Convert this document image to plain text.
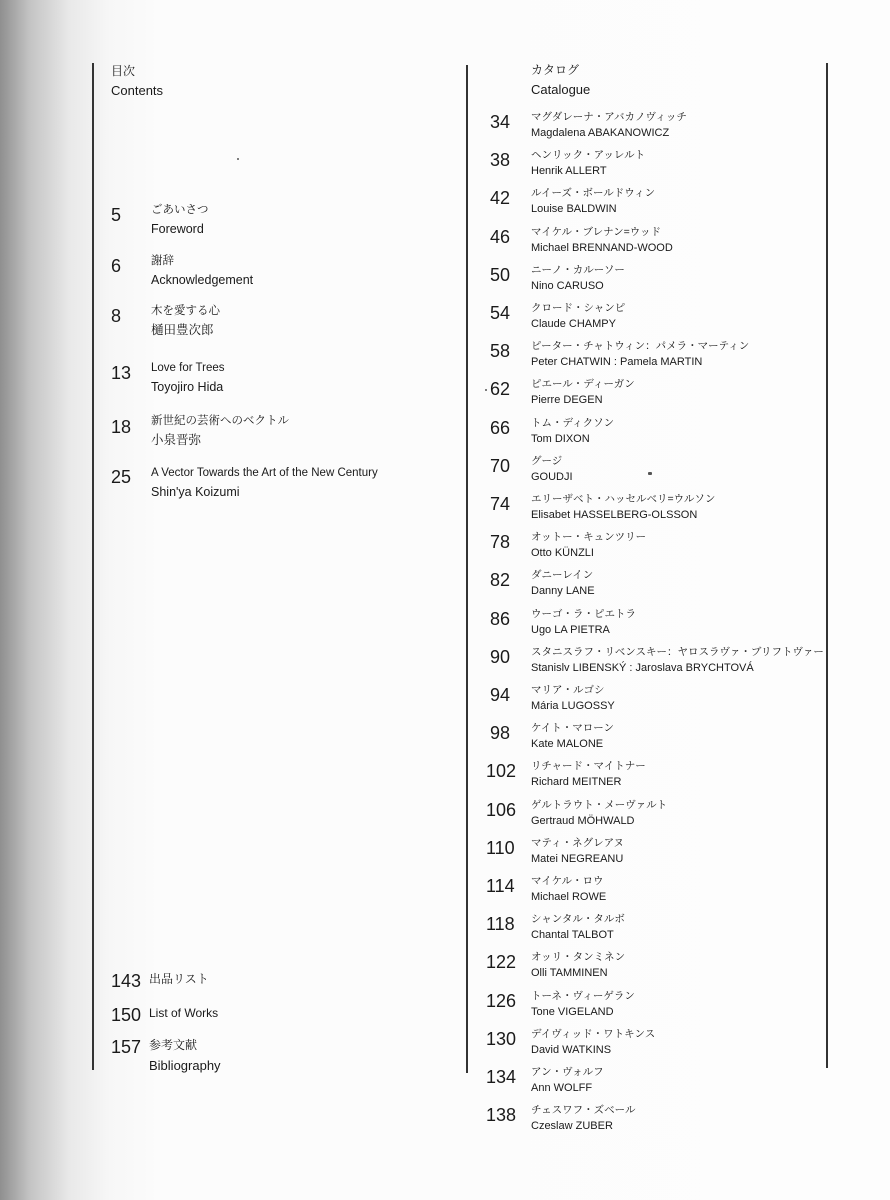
目次
Contents
5	ごあいさつ
Foreword
6	謝辞
Acknowledgement
8	木を愛する心
樋田豊次郎
13 Love for Trees
Toyojiro Hida
18 新世紀の芸術へのベクトル
小泉晋弥
25 A Vector Towards the Art of the New Century
Shin'ya Koizumi
143 出品リスト
150 List of Works
157 参考文献
Bibliography
カタログ
Catalogue
34 マグダレーナ・アバカノヴィッチ
Magdalena ABAKANOWICZ
38 ヘンリック・アッレルト
Henrik ALLERT
42 ルイーズ・ボールドウィン
Louise BALDWIN
46 マイケル・ブレナン=ウッド
Michael BRENNAND-WOOD
50 ニーノ・カルーソー
Nino CARUSO
54 クロード・シャンピ
Claude CHAMPY
58 ピーター・チャトウィン：パメラ・マーティン
Peter CHATWIN : Pamela MARTIN
62 ピエール・ディーガン
Pierre DEGEN
66 トム・ディクソン
Tom DIXON
70 グージ
GOUDJI
74 エリーザベト・ハッセルベリ=ウルソン
Elisabet HASSELBERG-OLSSON
78 オットー・キュンツリー
Otto KÜNZLI
82 ダニーレイン
Danny LANE
86 ウーゴ・ラ・ピエトラ
Ugo LA PIETRA
90 スタニスラフ・リベンスキー：ヤロスラヴァ・ブリフトヴァー
Stanislv LIBENSKÝ : Jaroslava BRYCHTOVÁ
94 マリア・ルゴシ
Mária LUGOSSY
98 ケイト・マローン
Kate MALONE
102 リチャード・マイトナー
Richard MEITNER
106 ゲルトラウト・メーヴァルト
Gertraud MÖHWALD
110 マティ・ネグレアヌ
Matei NEGREANU
114 マイケル・ロウ
Michael ROWE
118 シャンタル・タルボ
Chantal TALBOT
122 オッリ・タンミネン
Olli TAMMINEN
126 トーネ・ヴィーゲラン
Tone VIGELAND
130 デイヴィッド・ワトキンス
David WATKINS
134 アン・ヴォルフ
Ann WOLFF
138 チェスワフ・ズベール
Czeslaw ZUBER
